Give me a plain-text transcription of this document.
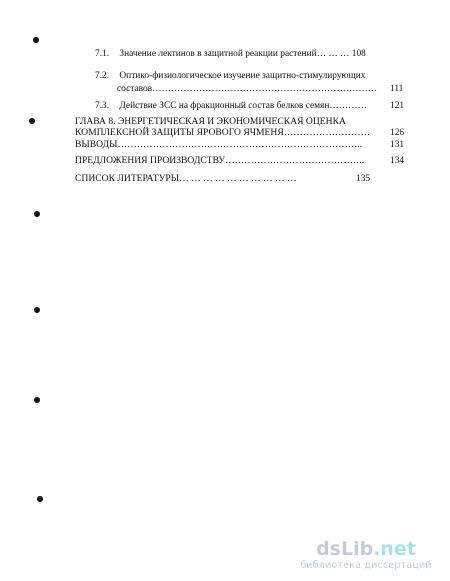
7.1. Значение лектинов в защитной реакции растений… … … 108
7.2. Оптико-физиологическое изучение защитно-стимулирующих
составов……………………………………………………………… 111
7.3. Действие ЗСС на фракционный состав белков семян………… 121
ГЛАВА 8. ЭНЕРГЕТИЧЕСКАЯ И ЭКОНОМИЧЕСКАЯ ОЦЕНКА
КОМПЛЕКСНОЙ ЗАЩИТЫ ЯРОВОГО ЯЧМЕНЯ……………………… 126
ВЫВОДЫ…………………………………………………………………..	131
ПРЕДЛОЖЕНИЯ ПРОИЗВОДСТВУ……………………………………..	134
СПИСОК ЛИТЕРАТУРЫ… … … … … … … … … …	135
dsLib.net
библиотека диссертаций
